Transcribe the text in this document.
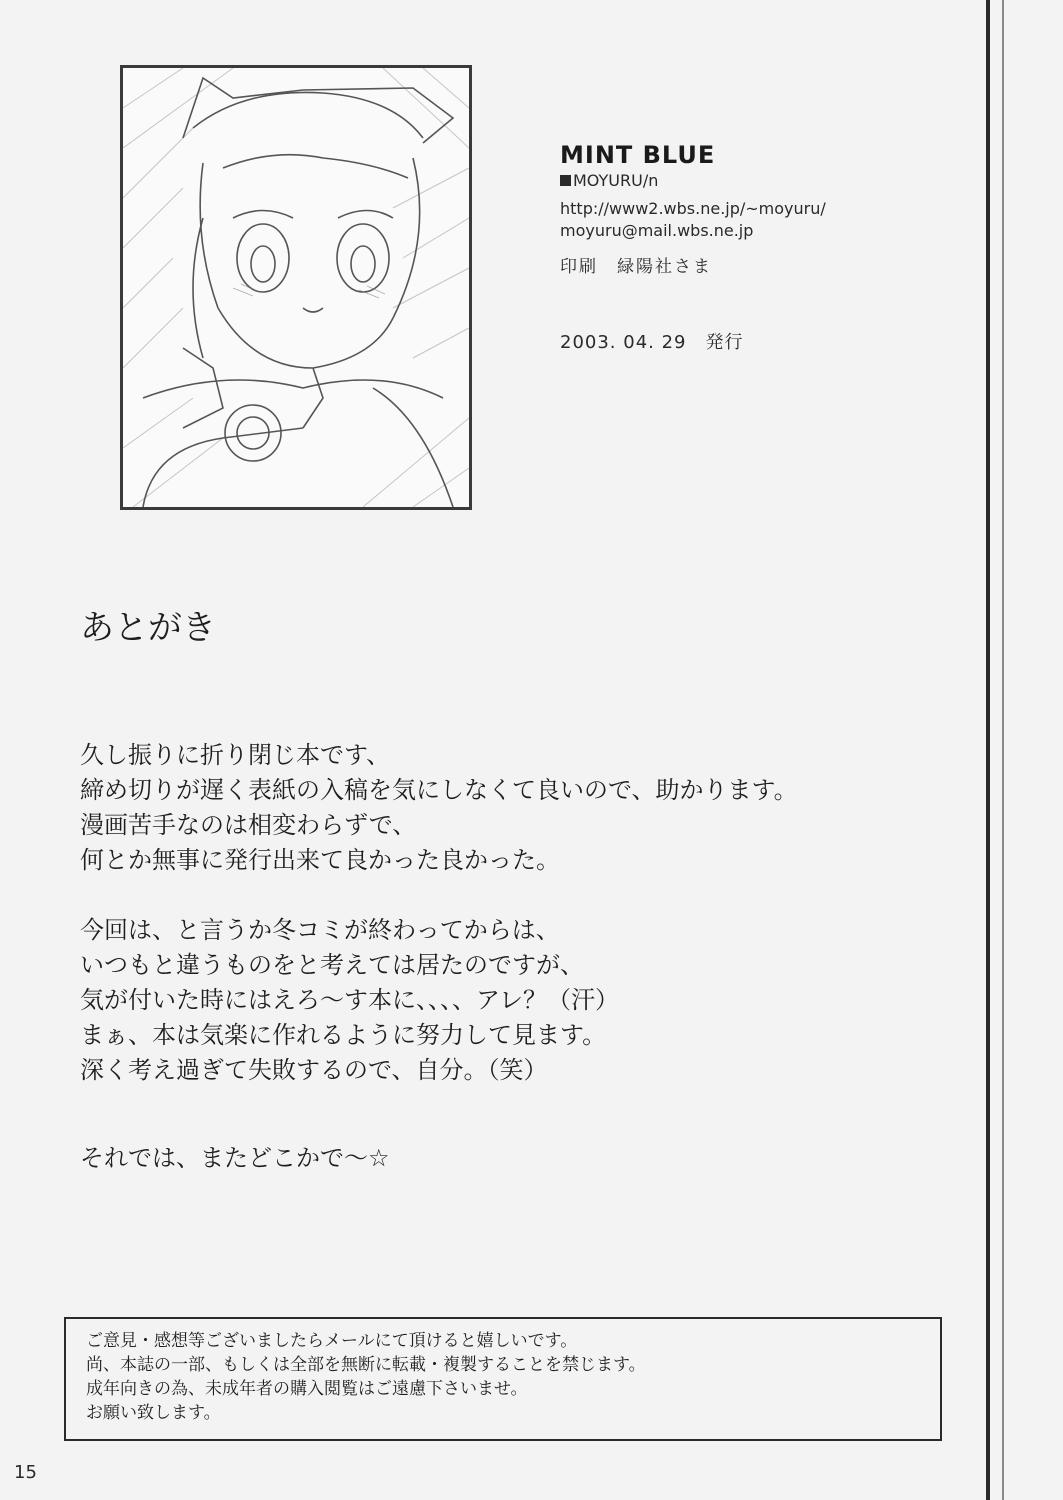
MINT BLUE
MOYURU/n
http://www2.wbs.ne.jp/~moyuru/
moyuru@mail.wbs.ne.jp
印刷　緑陽社さま
2003. 04. 29　発行
あとがき

久し振りに折り閉じ本です、

締め切りが遅く表紙の入稿を気にしなくて良いので、助かります。

漫画苦手なのは相変わらずで、

何とか無事に発行出来て良かった良かった。

今回は、と言うか冬コミが終わってからは、

いつもと違うものをと考えては居たのですが、

気が付いた時にはえろ～す本に、、、、アレ？（汗）

まぁ、本は気楽に作れるように努力して見ます。

深く考え過ぎて失敗するので、自分。（笑）

それでは、またどこかで～☆

ご意見・感想等ございましたらメールにて頂けると嬉しいです。

尚、本誌の一部、もしくは全部を無断に転載・複製することを禁じます。

成年向きの為、未成年者の購入閲覧はご遠慮下さいませ。

お願い致します。

15
